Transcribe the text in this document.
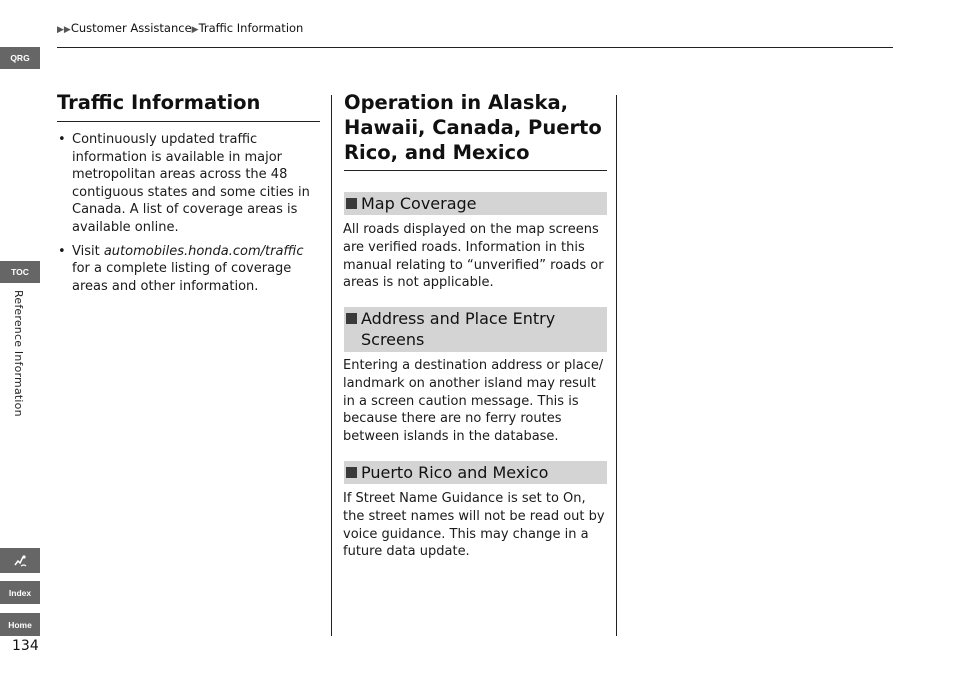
▶▶Customer Assistance▶Traffic Information
QRG
TOC
Reference Information
Index
Home
134
Traffic Information
• Continuously updated traffic information is available in major metropolitan areas across the 48 contiguous states and some cities in Canada. A list of coverage areas is available online.
• Visit automobiles.honda.com/traffic for a complete listing of coverage areas and other information.
Operation in Alaska, Hawaii, Canada, Puerto Rico, and Mexico
Map Coverage
All roads displayed on the map screens are verified roads. Information in this manual relating to “unverified” roads or areas is not applicable.
Address and Place Entry Screens
Entering a destination address or place/ landmark on another island may result in a screen caution message. This is because there are no ferry routes between islands in the database.
Puerto Rico and Mexico
If Street Name Guidance is set to On, the street names will not be read out by voice guidance. This may change in a future data update.
